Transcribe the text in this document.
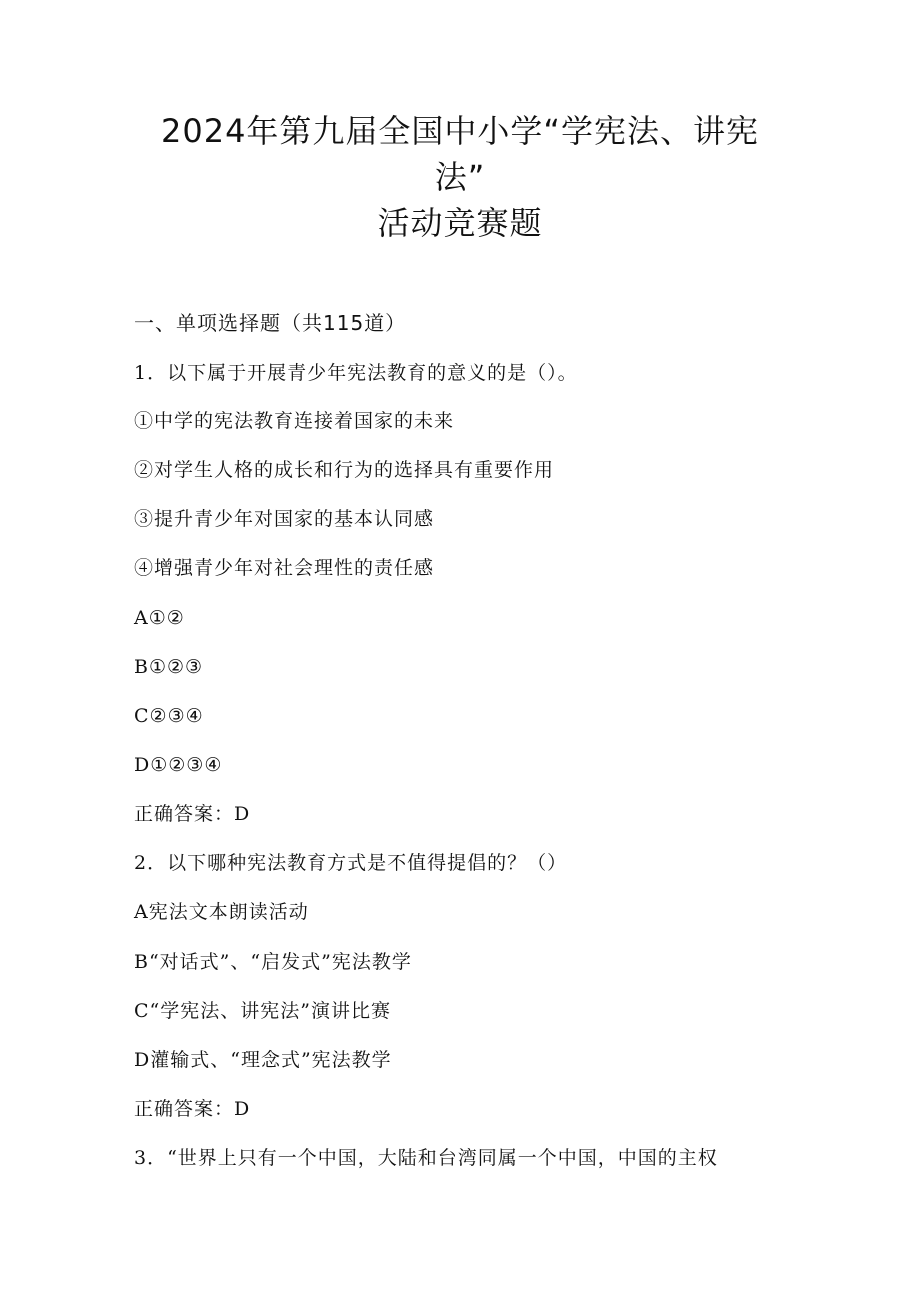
2024年第九届全国中小学“学宪法、讲宪
法”
活动竞赛题
一、单项选择题（共115道）
1．以下属于开展青少年宪法教育的意义的是（）。
①中学的宪法教育连接着国家的未来
②对学生人格的成长和行为的选择具有重要作用
③提升青少年对国家的基本认同感
④增强青少年对社会理性的责任感
A①②
B①②③
C②③④
D①②③④
正确答案：D
2．以下哪种宪法教育方式是不值得提倡的？（）
A宪法文本朗读活动
B“对话式”、“启发式”宪法教学
C“学宪法、讲宪法”演讲比赛
D灌输式、“理念式”宪法教学
正确答案：D
3．“世界上只有一个中国，大陆和台湾同属一个中国，中国的主权
